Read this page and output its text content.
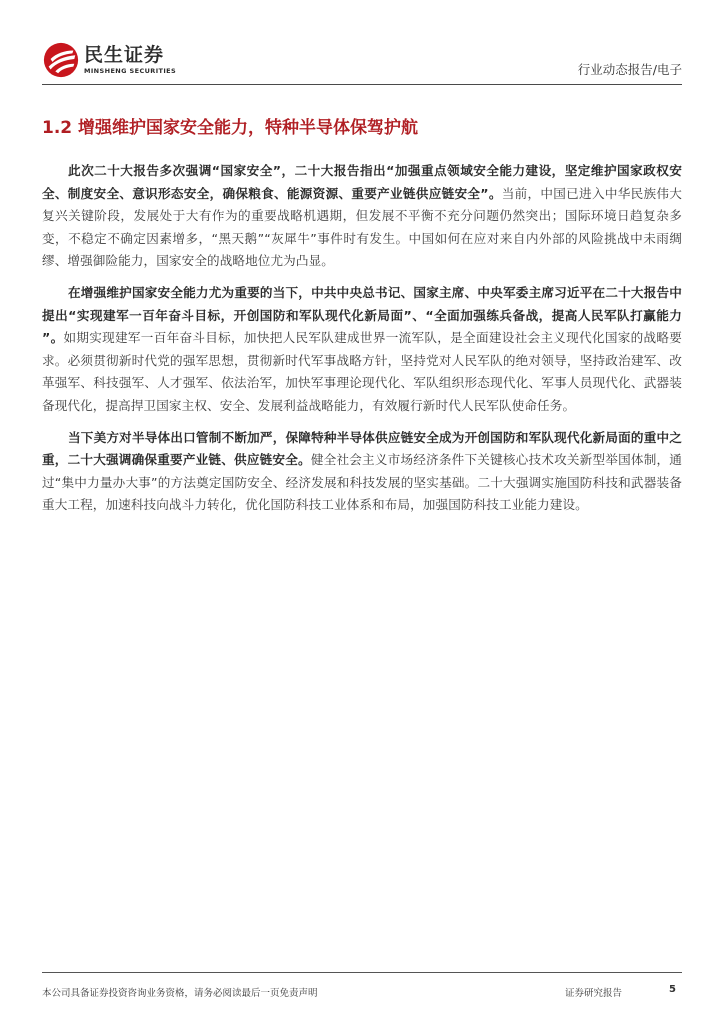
民生证券
MINSHENG SECURITIES	行业动态报告/电子
1.2 增强维护国家安全能力，特种半导体保驾护航

此次二十大报告多次强调“国家安全”，二十大报告指出“加强重点领域安全能力建设，坚定维护国家政权安全、制度安全、意识形态安全，确保粮食、能源资源、重要产业链供应链安全”。当前，中国已进入中华民族伟大复兴关键阶段，发展处于大有作为的重要战略机遇期，但发展不平衡不充分问题仍然突出；国际环境日趋复杂多变，不稳定不确定因素增多，“黑天鹅”“灰犀牛”事件时有发生。中国如何在应对来自内外部的风险挑战中未雨绸缪、增强御险能力，国家安全的战略地位尤为凸显。

在增强维护国家安全能力尤为重要的当下，中共中央总书记、国家主席、中央军委主席习近平在二十大报告中提出“实现建军一百年奋斗目标，开创国防和军队现代化新局面”、“全面加强练兵备战，提高人民军队打赢能力 ”。如期实现建军一百年奋斗目标，加快把人民军队建成世界一流军队，是全面建设社会主义现代化国家的战略要求。必须贯彻新时代党的强军思想，贯彻新时代军事战略方针，坚持党对人民军队的绝对领导，坚持政治建军、改革强军、科技强军、人才强军、依法治军，加快军事理论现代化、军队组织形态现代化、军事人员现代化、武器装备现代化，提高捍卫国家主权、安全、发展利益战略能力，有效履行新时代人民军队使命任务。

当下美方对半导体出口管制不断加严，保障特种半导体供应链安全成为开创国防和军队现代化新局面的重中之重，二十大强调确保重要产业链、供应链安全。健全社会主义市场经济条件下关键核心技术攻关新型举国体制，通过“集中力量办大事”的方法奠定国防安全、经济发展和科技发展的坚实基础。二十大强调实施国防科技和武器装备重大工程，加速科技向战斗力转化，优化国防科技工业体系和布局，加强国防科技工业能力建设。

本公司具备证券投资咨询业务资格，请务必阅读最后一页免责声明	证券研究报告	5
